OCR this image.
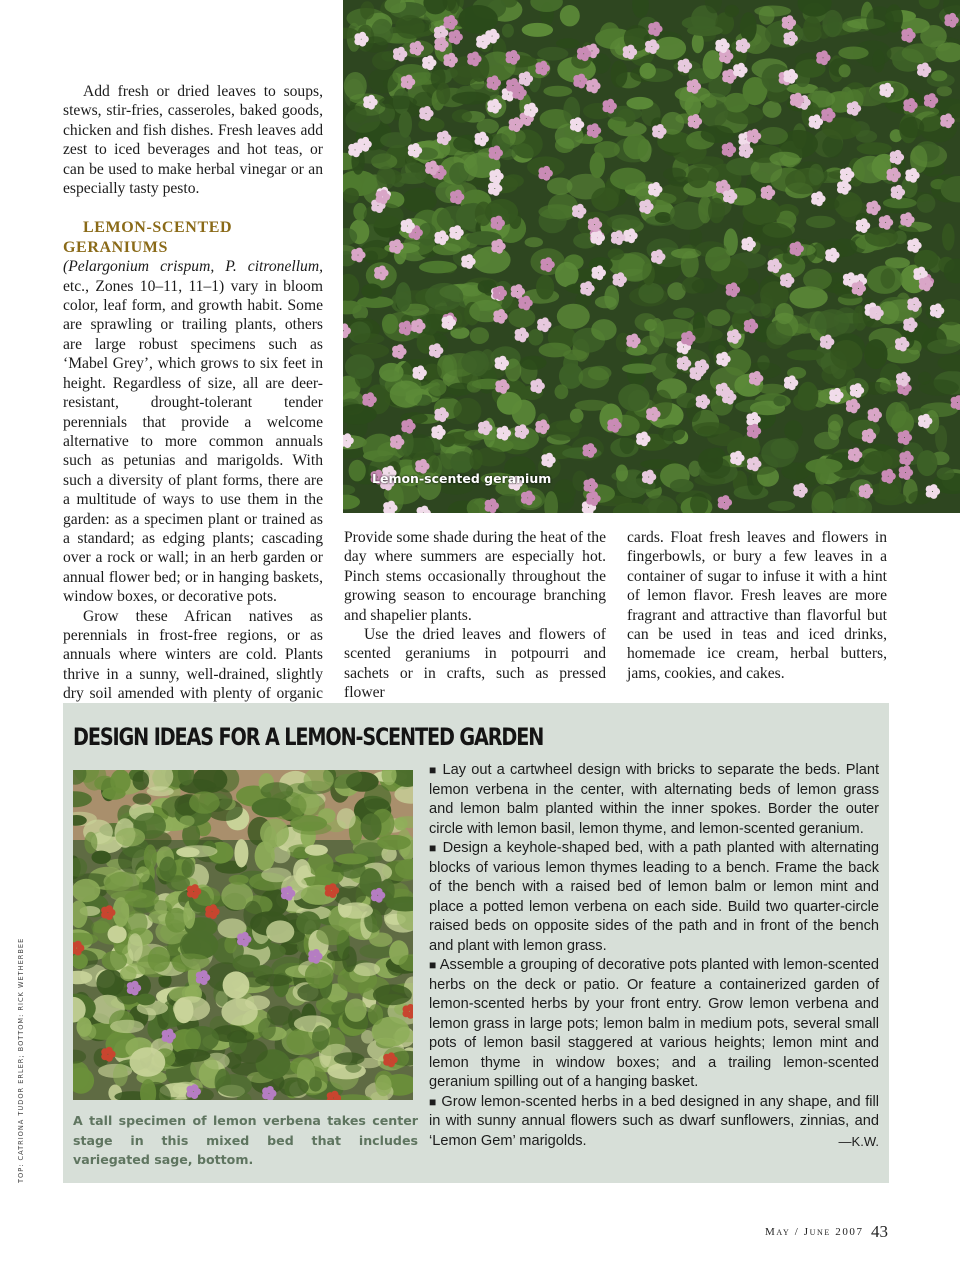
Add fresh or dried leaves to soups, stews, stir-fries, casseroles, baked goods, chicken and fish dishes. Fresh leaves add zest to iced beverages and hot teas, or can be used to make herbal vinegar or an especially tasty pesto.

LEMON-SCENTED GERANIUMS

(Pelargonium crispum, P. citronellum, etc., Zones 10–11, 11–1) vary in bloom color, leaf form, and growth habit. Some are sprawling or trailing plants, others are large robust specimens such as ‘Mabel Grey’, which grows to six feet in height. Regardless of size, all are deer-resistant, drought-tolerant tender perennials that provide a welcome alternative to more common annuals such as petunias and marigolds. With such a diversity of plant forms, there are a multitude of ways to use them in the garden: as a specimen plant or trained as a standard; as edging plants; cascading over a rock or wall; in an herb garden or annual flower bed; or in hanging baskets, window boxes, or decorative pots.

Grow these African natives as perennials in frost-free regions, or as annuals where winters are cold. Plants thrive in a sunny, well-drained, slightly dry soil amended with plenty of organic

Lemon-scented geranium

Provide some shade during the heat of the day where summers are especially hot. Pinch stems occasionally throughout the growing season to encourage branching and shapelier plants.

Use the dried leaves and flowers of scented geraniums in potpourri and sachets or in crafts, such as pressed flower

cards. Float fresh leaves and flowers in fingerbowls, or bury a few leaves in a container of sugar to infuse it with a hint of lemon flavor. Fresh leaves are more fragrant and attractive than flavorful but can be used in teas and iced drinks, homemade ice cream, herbal butters, jams, cookies, and cakes.

DESIGN IDEAS FOR A LEMON-SCENTED GARDEN
A tall specimen of lemon verbena takes center stage in this mixed bed that includes variegated sage, bottom.

■ Lay out a cartwheel design with bricks to separate the beds. Plant lemon verbena in the center, with alternating beds of lemon grass and lemon balm planted within the inner spokes. Border the outer circle with lemon basil, lemon thyme, and lemon-scented geranium.

■ Design a keyhole-shaped bed, with a path planted with alternating blocks of various lemon thymes leading to a bench. Frame the back of the bench with a raised bed of lemon balm or lemon mint and place a potted lemon verbena on each side. Build two quarter-circle raised beds on opposite sides of the path and in front of the bench and plant with lemon grass.

■ Assemble a grouping of decorative pots planted with lemon-scented herbs on the deck or patio. Or feature a containerized garden of lemon-scented herbs by your front entry. Grow lemon verbena and lemon grass in large pots; lemon balm in medium pots, several small pots of lemon basil staggered at various heights; lemon mint and lemon thyme in window boxes; and a trailing lemon-scented geranium spilling out of a hanging basket.

■ Grow lemon-scented herbs in a bed designed in any shape, and fill in with sunny annual flowers such as dwarf sunflowers, zinnias, and ‘Lemon Gem’ marigolds.	—K.W.

TOP: CATRIONA TUDOR ERLER; BOTTOM: RICK WETHERBEE
May / June 2007 43
